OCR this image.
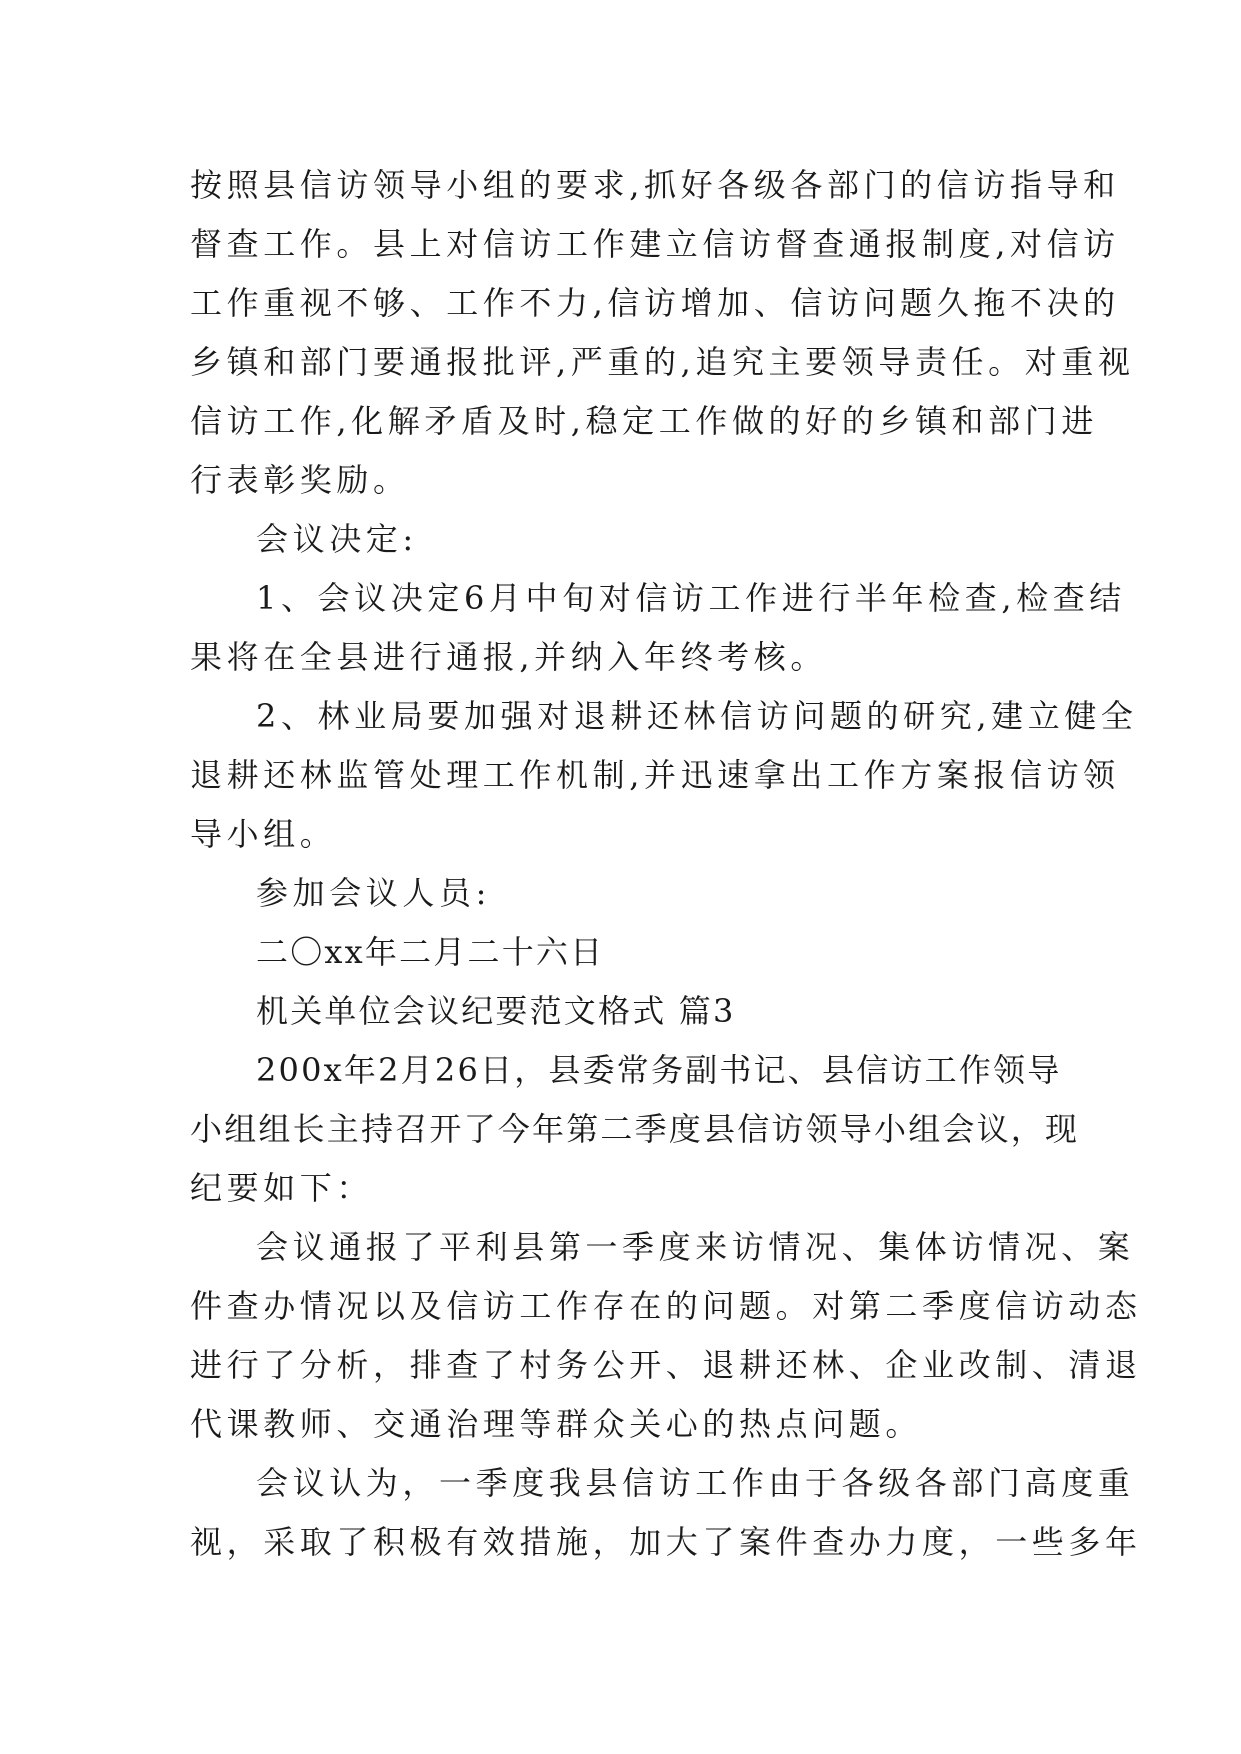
按照县信访领导小组的要求,抓好各级各部门的信访指导和
督查工作。县上对信访工作建立信访督查通报制度,对信访
工作重视不够、工作不力,信访增加、信访问题久拖不决的
乡镇和部门要通报批评,严重的,追究主要领导责任。对重视
信访工作,化解矛盾及时,稳定工作做的好的乡镇和部门进
行表彰奖励。
会议决定:
1、会议决定6月中旬对信访工作进行半年检查,检查结
果将在全县进行通报,并纳入年终考核。
2、林业局要加强对退耕还林信访问题的研究,建立健全
退耕还林监管处理工作机制,并迅速拿出工作方案报信访领
导小组。
参加会议人员:
二〇xx年二月二十六日
机关单位会议纪要范文格式 篇3
200x年2月26日，县委常务副书记、县信访工作领导
小组组长主持召开了今年第二季度县信访领导小组会议，现
纪要如下：
会议通报了平利县第一季度来访情况、集体访情况、案
件查办情况以及信访工作存在的问题。对第二季度信访动态
进行了分析，排查了村务公开、退耕还林、企业改制、清退
代课教师、交通治理等群众关心的热点问题。
会议认为，一季度我县信访工作由于各级各部门高度重
视，采取了积极有效措施，加大了案件查办力度，一些多年
